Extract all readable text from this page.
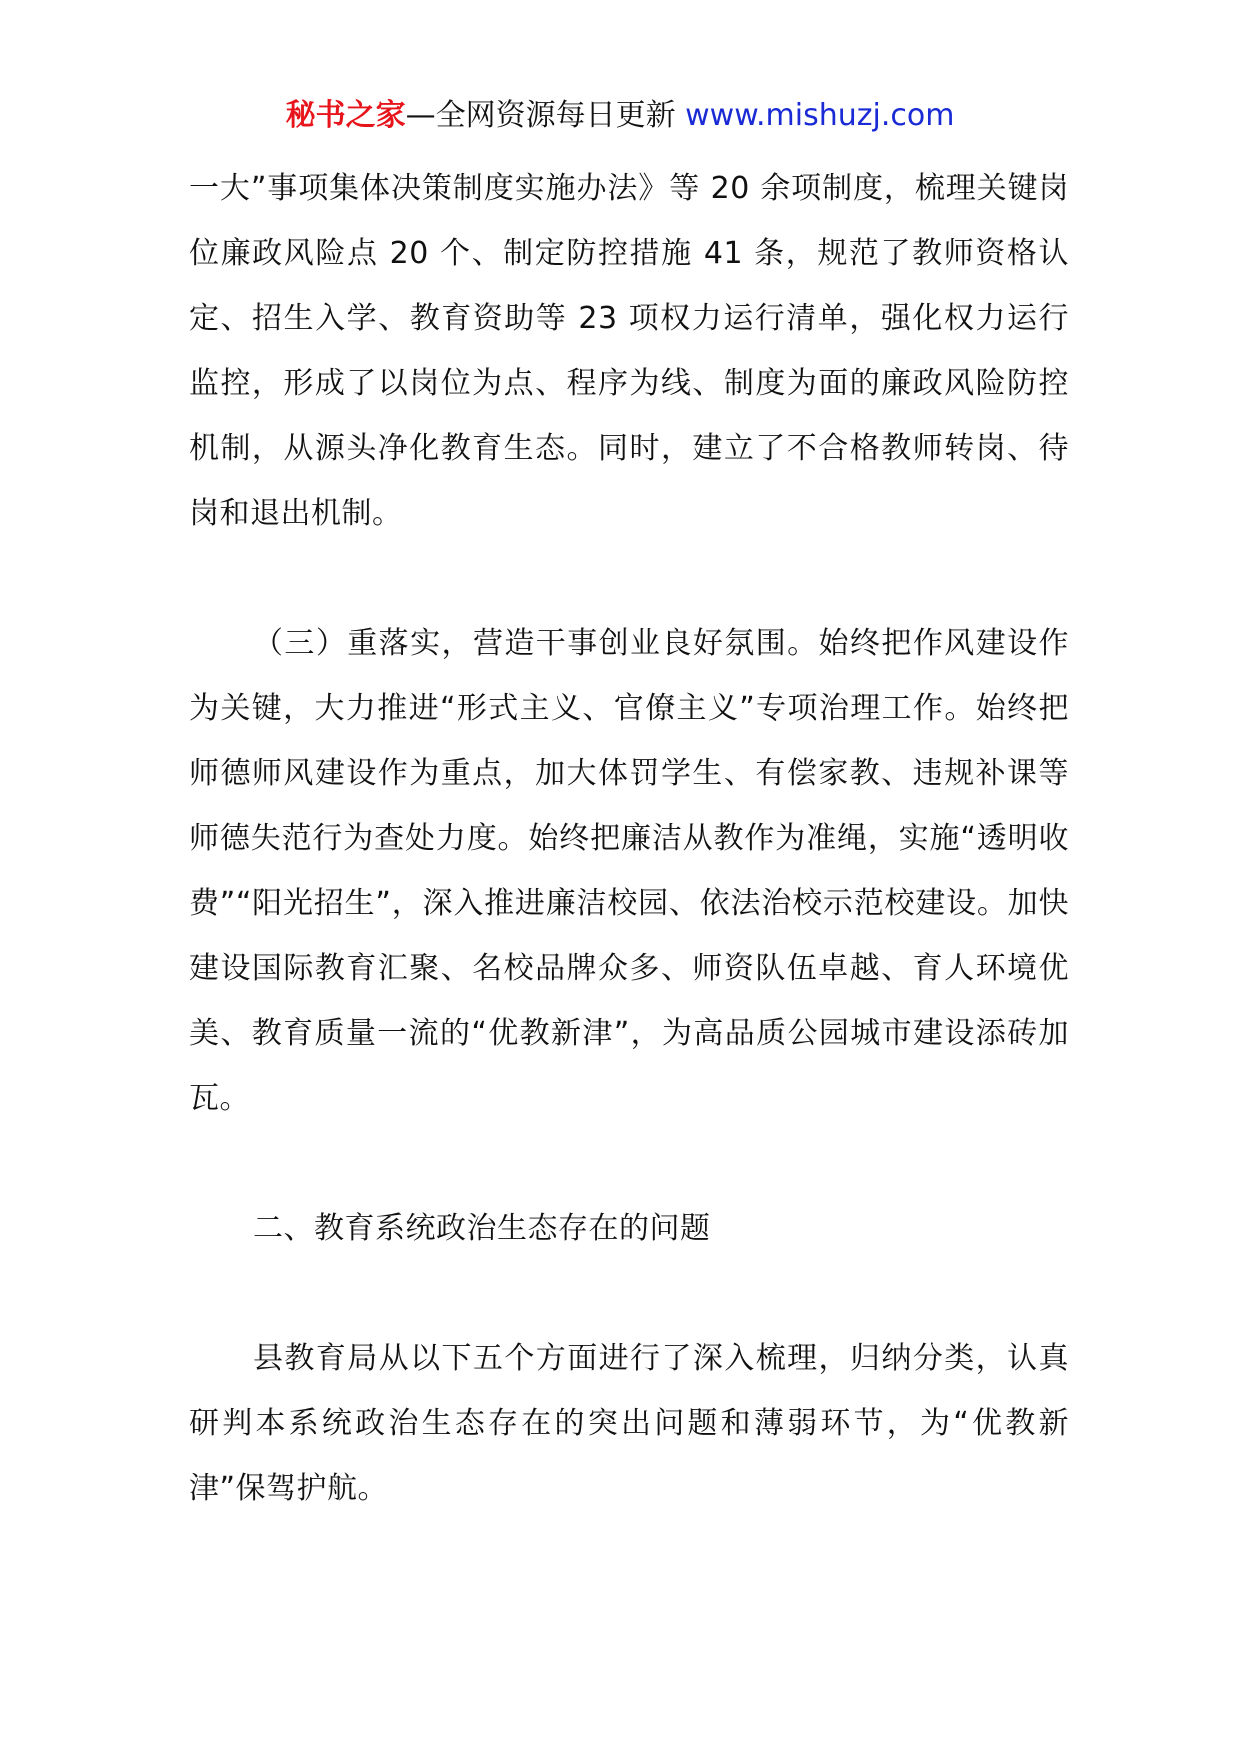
秘书之家—全网资源每日更新 www.mishuzj.com

一大”事项集体决策制度实施办法》等 20 余项制度，梳理关键岗位廉政风险点 20 个、制定防控措施 41 条，规范了教师资格认定、招生入学、教育资助等 23 项权力运行清单，强化权力运行监控，形成了以岗位为点、程序为线、制度为面的廉政风险防控机制，从源头净化教育生态。同时，建立了不合格教师转岗、待岗和退出机制。

（三）重落实，营造干事创业良好氛围。始终把作风建设作为关键，大力推进“形式主义、官僚主义”专项治理工作。始终把师德师风建设作为重点，加大体罚学生、有偿家教、违规补课等师德失范行为查处力度。始终把廉洁从教作为准绳，实施“透明收费”“阳光招生”，深入推进廉洁校园、依法治校示范校建设。加快建设国际教育汇聚、名校品牌众多、师资队伍卓越、育人环境优美、教育质量一流的“优教新津”，为高品质公园城市建设添砖加瓦。

二、教育系统政治生态存在的问题

县教育局从以下五个方面进行了深入梳理，归纳分类，认真研判本系统政治生态存在的突出问题和薄弱环节，为“优教新津”保驾护航。
